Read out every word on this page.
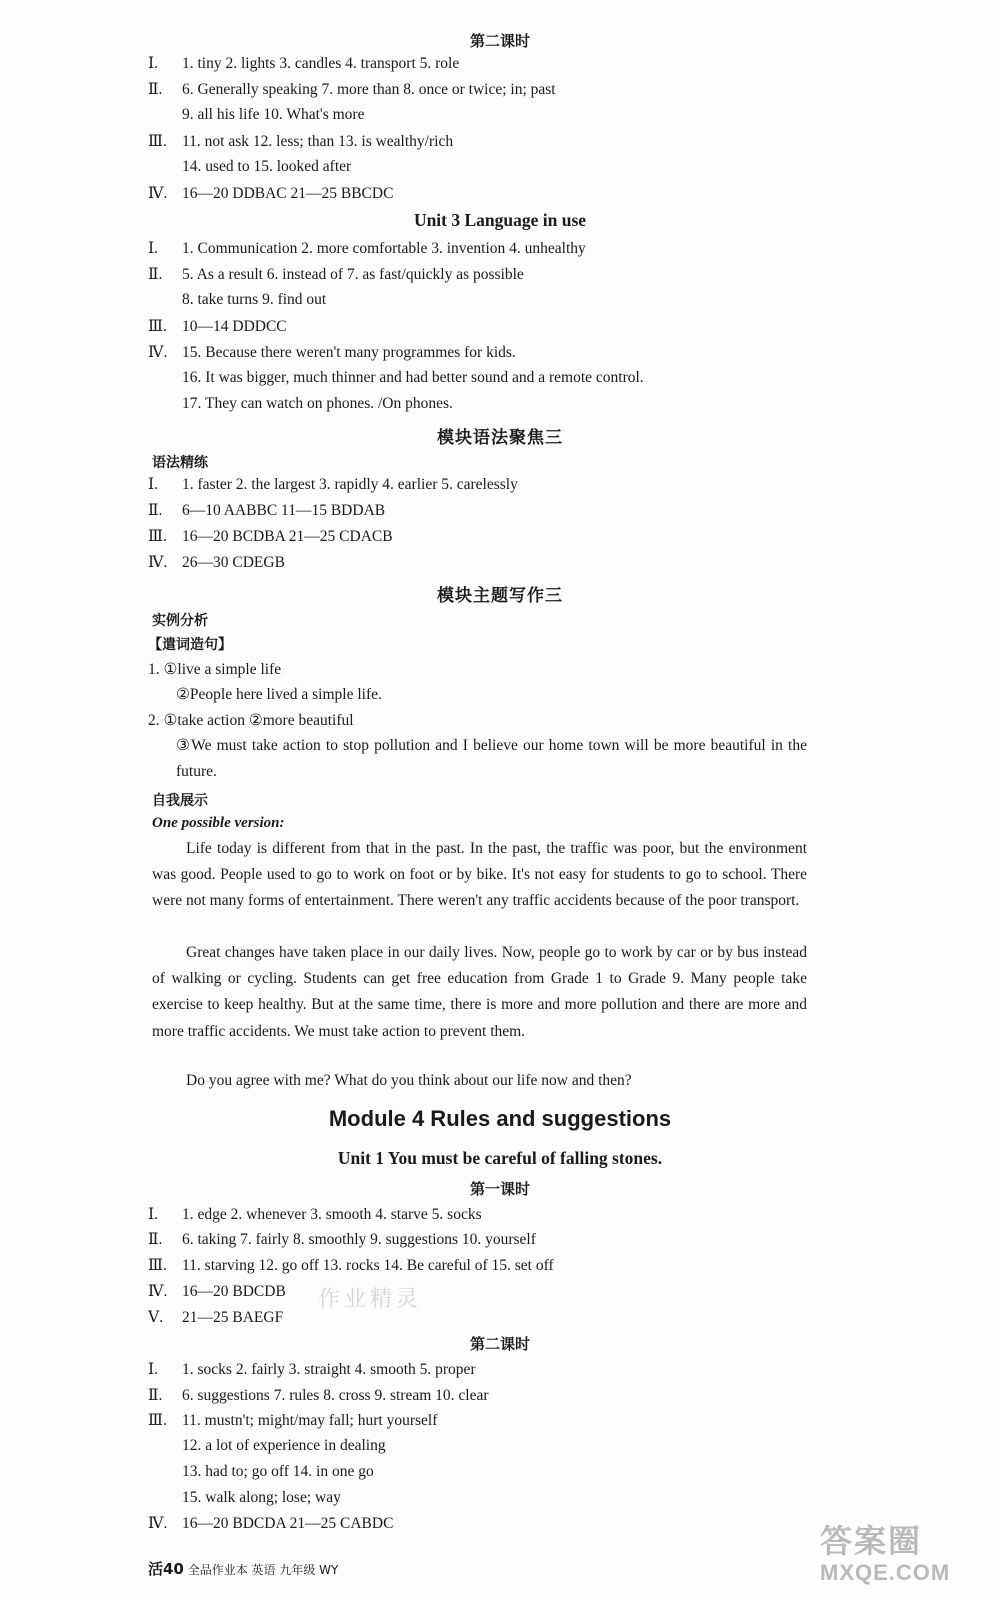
第二课时
Ⅰ. 1. tiny 2. lights 3. candles 4. transport 5. role
Ⅱ. 6. Generally speaking 7. more than 8. once or twice; in; past
9. all his life 10. What's more
Ⅲ. 11. not ask 12. less; than 13. is wealthy/rich
14. used to 15. looked after
Ⅳ. 16—20 DDBAC 21—25 BBCDC
Unit 3 Language in use
Ⅰ. 1. Communication 2. more comfortable 3. invention 4. unhealthy
Ⅱ. 5. As a result 6. instead of 7. as fast/quickly as possible
8. take turns 9. find out
Ⅲ. 10—14 DDDCC
Ⅳ. 15. Because there weren't many programmes for kids.
16. It was bigger, much thinner and had better sound and a remote control.
17. They can watch on phones. /On phones.
模块语法聚焦三
语法精练
Ⅰ. 1. faster 2. the largest 3. rapidly 4. earlier 5. carelessly
Ⅱ. 6—10 AABBC 11—15 BDDAB
Ⅲ. 16—20 BCDBA 21—25 CDACB
Ⅳ. 26—30 CDEGB
模块主题写作三
实例分析
【遣词造句】
1. ①live a simple life
②People here lived a simple life.
2. ①take action ②more beautiful
③We must take action to stop pollution and I believe our home town will be more beautiful in the future.
自我展示
One possible version:
Life today is different from that in the past. In the past, the traffic was poor, but the environment was good. People used to go to work on foot or by bike. It's not easy for students to go to school. There were not many forms of entertainment. There weren't any traffic accidents because of the poor transport.
Great changes have taken place in our daily lives. Now, people go to work by car or by bus instead of walking or cycling. Students can get free education from Grade 1 to Grade 9. Many people take exercise to keep healthy. But at the same time, there is more and more pollution and there are more and more traffic accidents. We must take action to prevent them.
Do you agree with me? What do you think about our life now and then?
Module 4 Rules and suggestions
Unit 1 You must be careful of falling stones.
第一课时
Ⅰ. 1. edge 2. whenever 3. smooth 4. starve 5. socks
Ⅱ. 6. taking 7. fairly 8. smoothly 9. suggestions 10. yourself
Ⅲ. 11. starving 12. go off 13. rocks 14. Be careful of 15. set off
Ⅳ. 16—20 BDCDB
Ⅴ. 21—25 BAEGF
第二课时
Ⅰ. 1. socks 2. fairly 3. straight 4. smooth 5. proper
Ⅱ. 6. suggestions 7. rules 8. cross 9. stream 10. clear
Ⅲ. 11. mustn't; might/may fall; hurt yourself
12. a lot of experience in dealing
13. had to; go off 14. in one go
15. walk along; lose; way
Ⅳ. 16—20 BDCDA 21—25 CABDC
作业精灵
活40 全品作业本 英语 九年级 WY
答案圈
MXQE.COM
